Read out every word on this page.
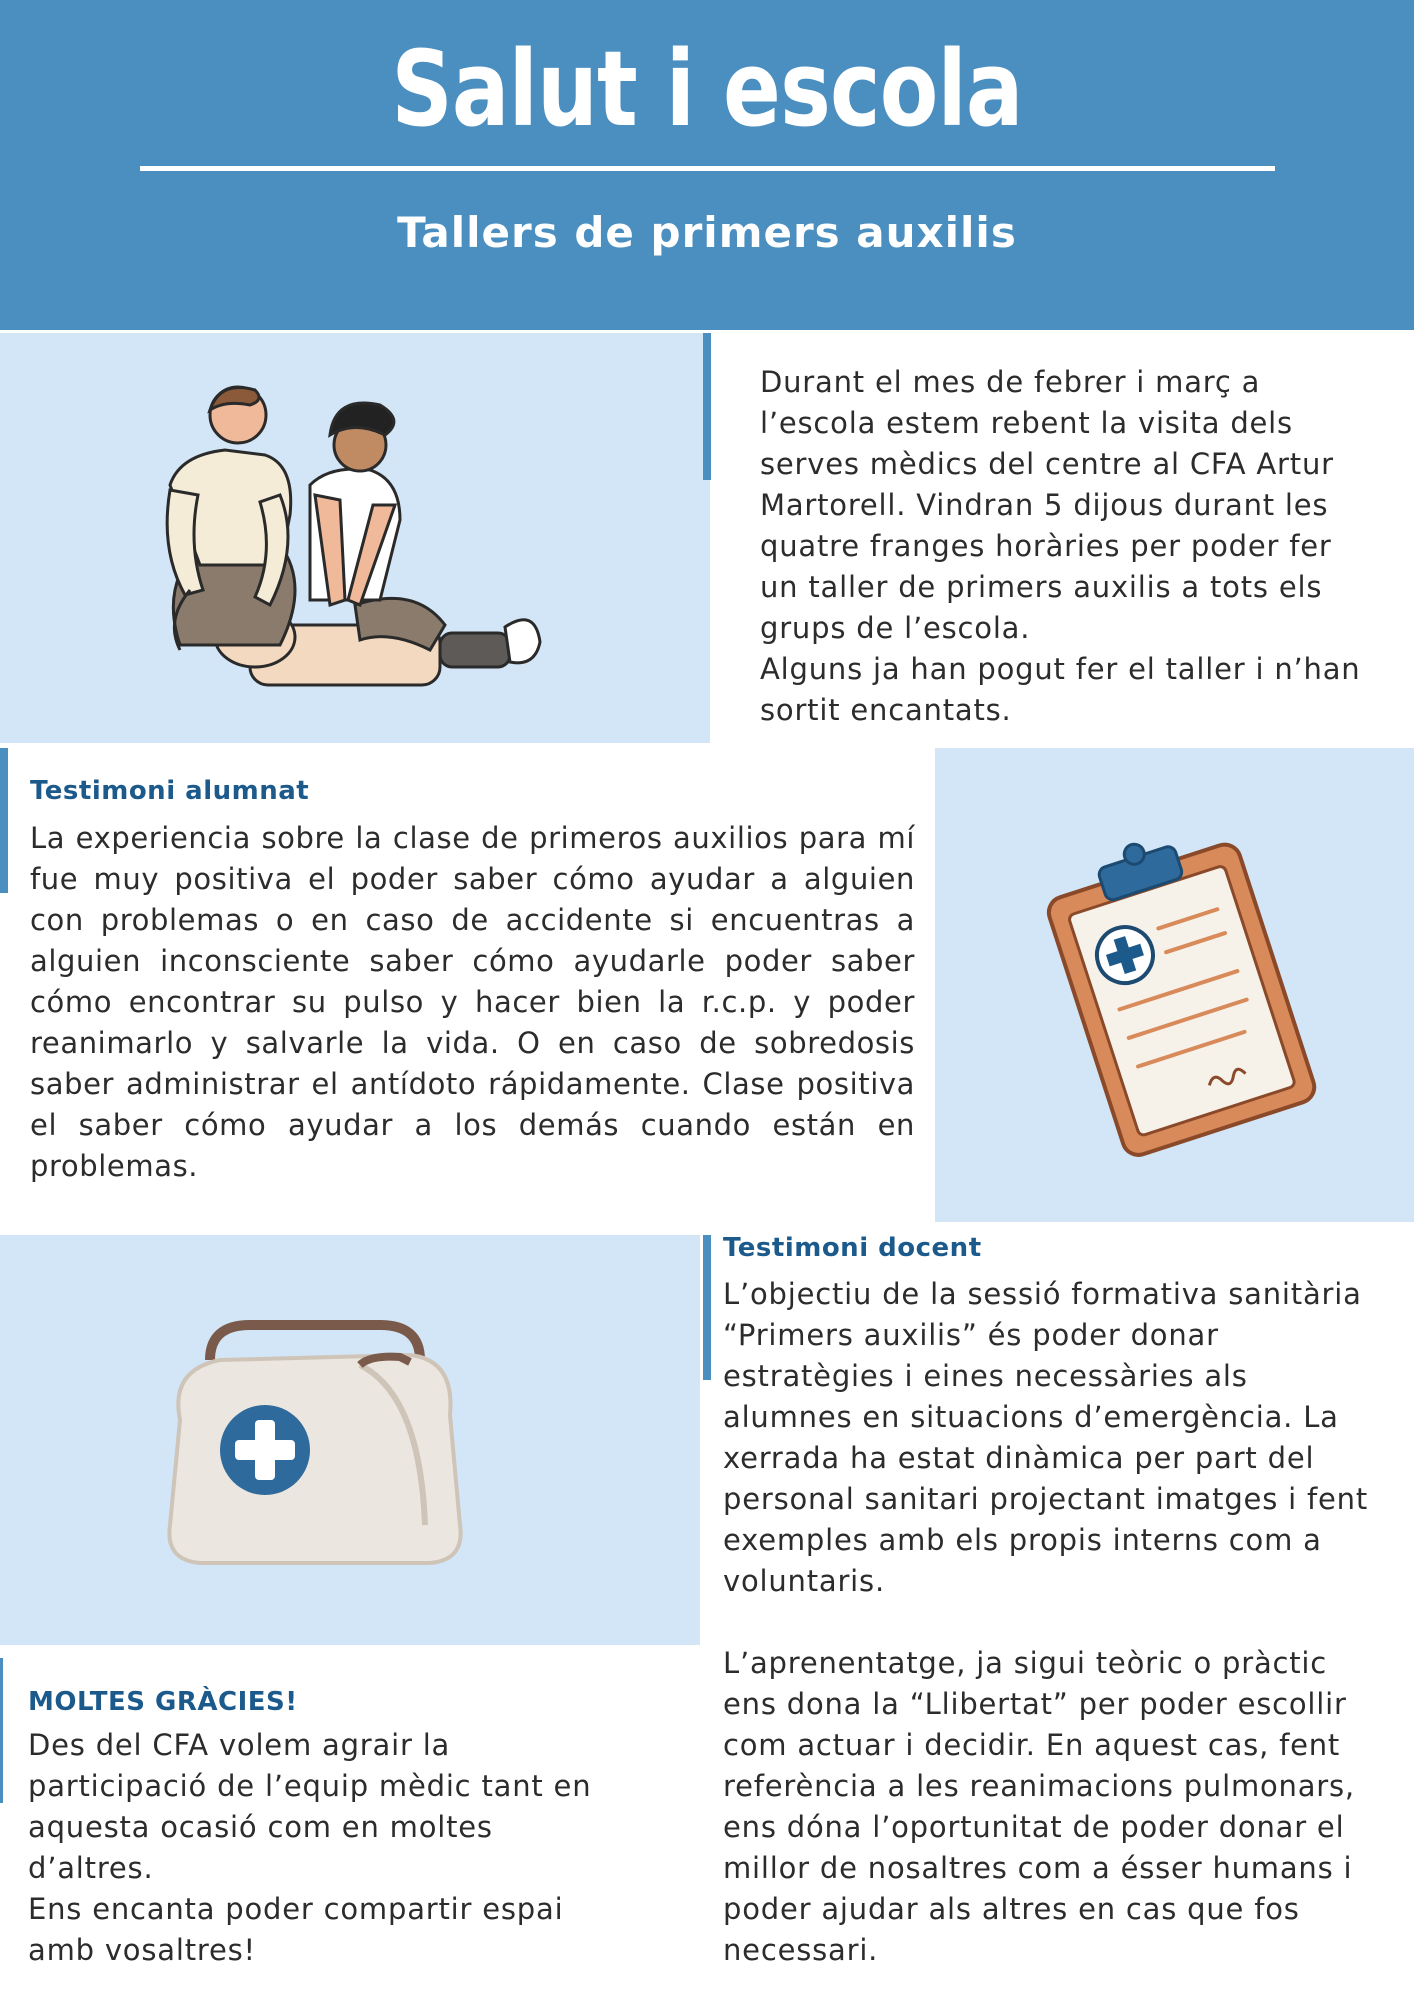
Salut i escola
Tallers de primers auxilis

Durant el mes de febrer i març a l’escola estem rebent la visita dels serves mèdics del centre al CFA Artur Martorell. Vindran 5 dijous durant les quatre franges horàries per poder fer un taller de primers auxilis a tots els grups de l’escola.

Alguns ja han pogut fer el taller i n’han sortit encantats.

Testimoni alumnat
La experiencia sobre la clase de primeros auxilios para mí fue muy positiva el poder saber cómo ayudar a alguien con problemas o en caso de accidente si encuentras a alguien inconsciente saber cómo ayudarle poder saber cómo encontrar su pulso y hacer bien la r.c.p. y poder reanimarlo y salvarle la vida. O en caso de sobredosis saber administrar el antídoto rápidamente. Clase positiva el saber cómo ayudar a los demás cuando están en problemas.
Testimoni docent

L’objectiu de la sessió formativa sanitària “Primers auxilis” és poder donar estratègies i eines necessàries als alumnes en situacions d’emergència. La xerrada ha estat dinàmica per part del personal sanitari projectant imatges i fent exemples amb els propis interns com a voluntaris.

L’aprenentatge, ja sigui teòric o pràctic ens dona la “Llibertat” per poder escollir com actuar i decidir. En aquest cas, fent referència a les reanimacions pulmonars, ens dóna l’oportunitat de poder donar el millor de nosaltres com a ésser humans i poder ajudar als altres en cas que fos necessari.

MOLTES GRÀCIES!

Des del CFA volem agrair la participació de l’equip mèdic tant en aquesta ocasió com en moltes d’altres.

Ens encanta poder compartir espai amb vosaltres!
